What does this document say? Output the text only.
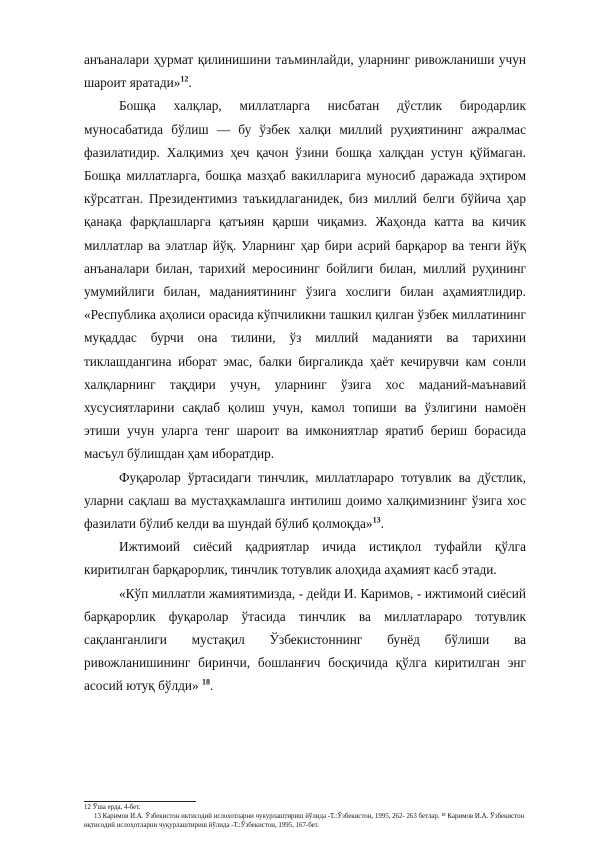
анъаналари ҳурмат қилинишини таъминлайди, уларнинг ривожланиши учун шароит яратади»$^{12}$.

Бошқа халқлар, миллатларга нисбатан дўстлик биродарлик муносабатида бўлиш — бу ўзбек халқи миллий руҳиятининг ажралмас фазилатидир. Халқимиз ҳеч қачон ўзини бошқа халқдан устун қўймаган. Бошқа миллатларга, бошқа мазҳаб вакилларига муносиб даражада эҳтиром кўрсатган. Президентимиз таъкидлаганидек, биз миллий белги бўйича ҳар қанақа фарқлашларга қатъиян қарши чиқамиз. Жаҳонда катта ва кичик миллатлар ва элатлар йўқ. Уларнинг ҳар бири асрий барқарор ва тенги йўқ анъаналари билан, тарихий меросининг бойлиги билан, миллий руҳининг умумийлиги билан, маданиятининг ўзига хослиги билан аҳамиятлидир. «Республика аҳолиси орасида кўпчиликни ташкил қилган ўзбек миллатининг муқаддас бурчи она тилини, ўз миллий маданияти ва тарихини тиклашдангина иборат эмас, балки биргаликда ҳаёт кечирувчи кам сонли халқларнинг тақдири учун, уларнинг ўзига хос маданий-маънавий хусусиятларини сақлаб қолиш учун, камол топиши ва ўзлигини намоён этиши учун уларга тенг шароит ва имкониятлар яратиб бериш борасида масъул бўлишдан ҳам иборатдир.

Фуқаролар ўртасидаги тинчлик, миллатлараро тотувлик ва дўстлик, уларни сақлаш ва мустаҳкамлашга интилиш доимо халқимизнинг ўзига хос фазилати бўлиб келди ва шундай бўлиб қолмоқда»$^{13}$.

Ижтимоий сиёсий қадриятлар ичида истиқлол туфайли қўлга киритилган барқарорлик, тинчлик тотувлик алоҳида аҳамият касб этади.

«Кўп миллатли жамиятимизда, - дейди И. Каримов, - ижтимоий сиёсий барқарорлик фуқаролар ўтасида тинчлик ва миллатлараро тотувлик сақланганлиги мустақил Ўзбекистоннинг бунёд бўлиши ва ривожланишининг биринчи, бошланғич босқичида қўлга киритилган энг асосий ютуқ бўлди» $^{18}$.

12 Ўша ерда, 4-бет.
13 Каримов И.А. Ўзбекистон иктисодий ислохотларни чукурлаштириш йўлида -Т.:Ўзбекистон, 1995, 262- 263 бетлар. ¹⁸ Каримов И.А. Ўзбекистон иқтисодий ислоҳотларни чуқурлаштириш йўлида -Т.:Ўзбекистон, 1995, 167-бет.
